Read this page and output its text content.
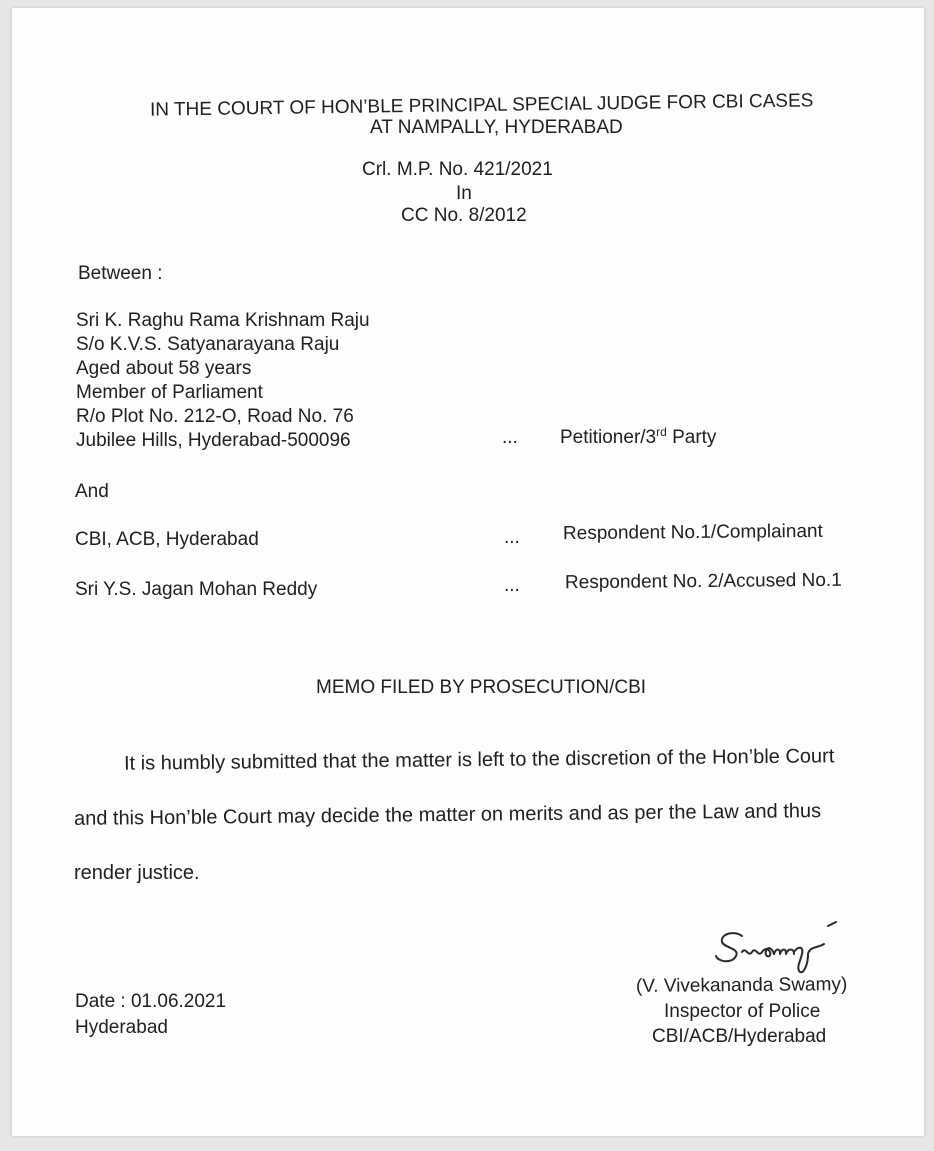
IN THE COURT OF HON’BLE PRINCIPAL SPECIAL JUDGE FOR CBI CASES
AT NAMPALLY, HYDERABAD
Crl. M.P. No. 421/2021
In
CC No. 8/2012
Between :
Sri K. Raghu Rama Krishnam Raju
S/o K.V.S. Satyanarayana Raju
Aged about 58 years
Member of Parliament
R/o Plot No. 212-O, Road No. 76
Jubilee Hills, Hyderabad-500096	... Petitioner/3rd Party
And
CBI, ACB, Hyderabad	... Respondent No.1/Complainant
Sri Y.S. Jagan Mohan Reddy	... Respondent No. 2/Accused No.1
MEMO FILED BY PROSECUTION/CBI
It is humbly submitted that the matter is left to the discretion of the Hon’ble Court
and this Hon’ble Court may decide the matter on merits and as per the Law and thus
render justice.
Date : 01.06.2021
Hyderabad
(V. Vivekananda Swamy)
Inspector of Police
CBI/ACB/Hyderabad
